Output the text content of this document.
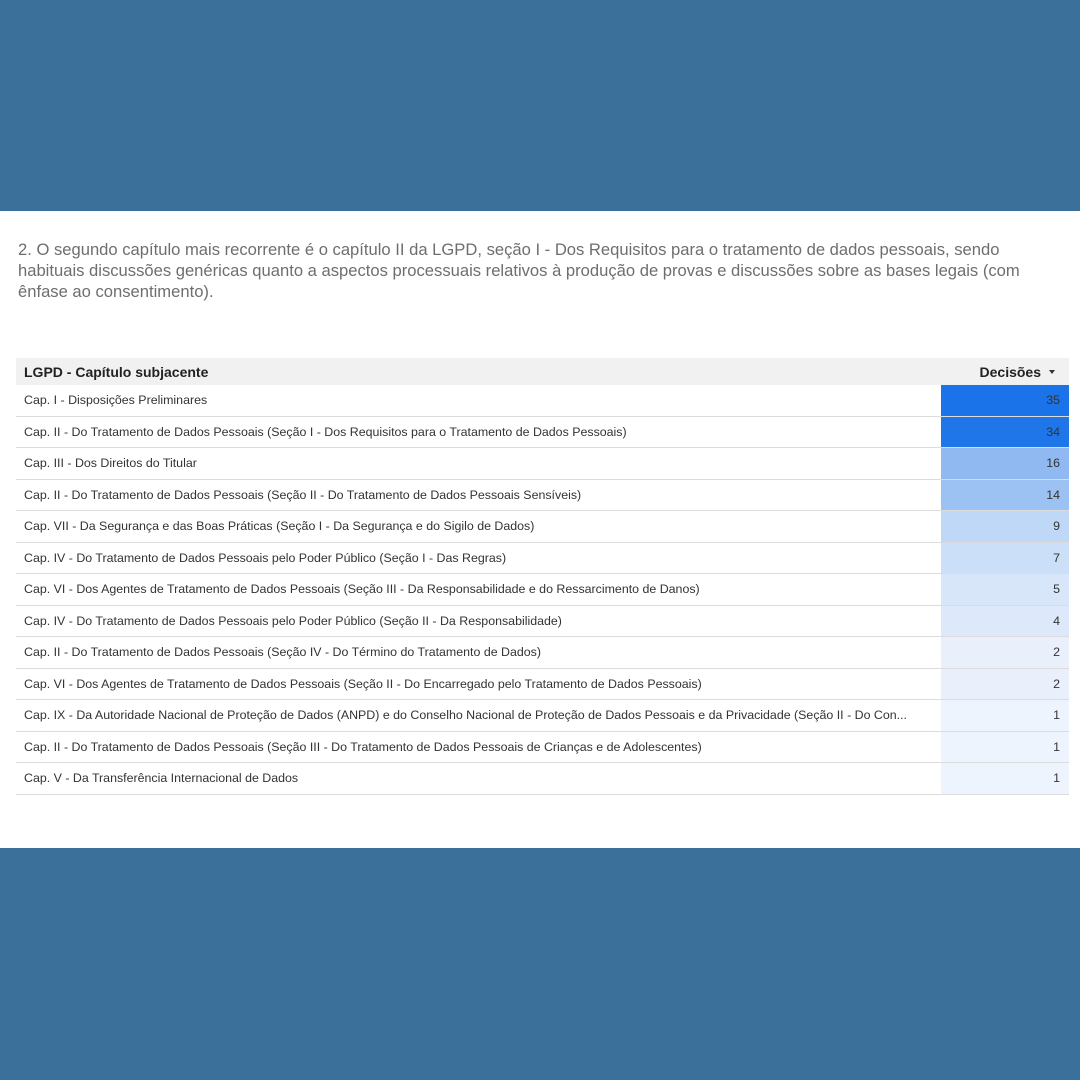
2. O segundo capítulo mais recorrente é o capítulo II da LGPD, seção I - Dos Requisitos para o tratamento de dados pessoais, sendo habituais discussões genéricas quanto a aspectos processuais relativos à produção de provas e discussões sobre as bases legais (com ênfase ao consentimento).

LGPD - Capítulo subjacente	Decisões
Cap. I - Disposições Preliminares	35
Cap. II - Do Tratamento de Dados Pessoais (Seção I - Dos Requisitos para o Tratamento de Dados Pessoais)	34
Cap. III - Dos Direitos do Titular	16
Cap. II - Do Tratamento de Dados Pessoais (Seção II - Do Tratamento de Dados Pessoais Sensíveis)	14
Cap. VII - Da Segurança e das Boas Práticas (Seção I - Da Segurança e do Sigilo de Dados)	9
Cap. IV - Do Tratamento de Dados Pessoais pelo Poder Público (Seção I - Das Regras)	7
Cap. VI - Dos Agentes de Tratamento de Dados Pessoais (Seção III - Da Responsabilidade e do Ressarcimento de Danos)	5
Cap. IV - Do Tratamento de Dados Pessoais pelo Poder Público (Seção II - Da Responsabilidade)	4
Cap. II - Do Tratamento de Dados Pessoais (Seção IV - Do Término do Tratamento de Dados)	2
Cap. VI - Dos Agentes de Tratamento de Dados Pessoais (Seção II - Do Encarregado pelo Tratamento de Dados Pessoais)	2
Cap. IX - Da Autoridade Nacional de Proteção de Dados (ANPD) e do Conselho Nacional de Proteção de Dados Pessoais e da Privacidade (Seção II - Do Con...	1
Cap. II - Do Tratamento de Dados Pessoais (Seção III - Do Tratamento de Dados Pessoais de Crianças e de Adolescentes)	1
Cap. V - Da Transferência Internacional de Dados	1
